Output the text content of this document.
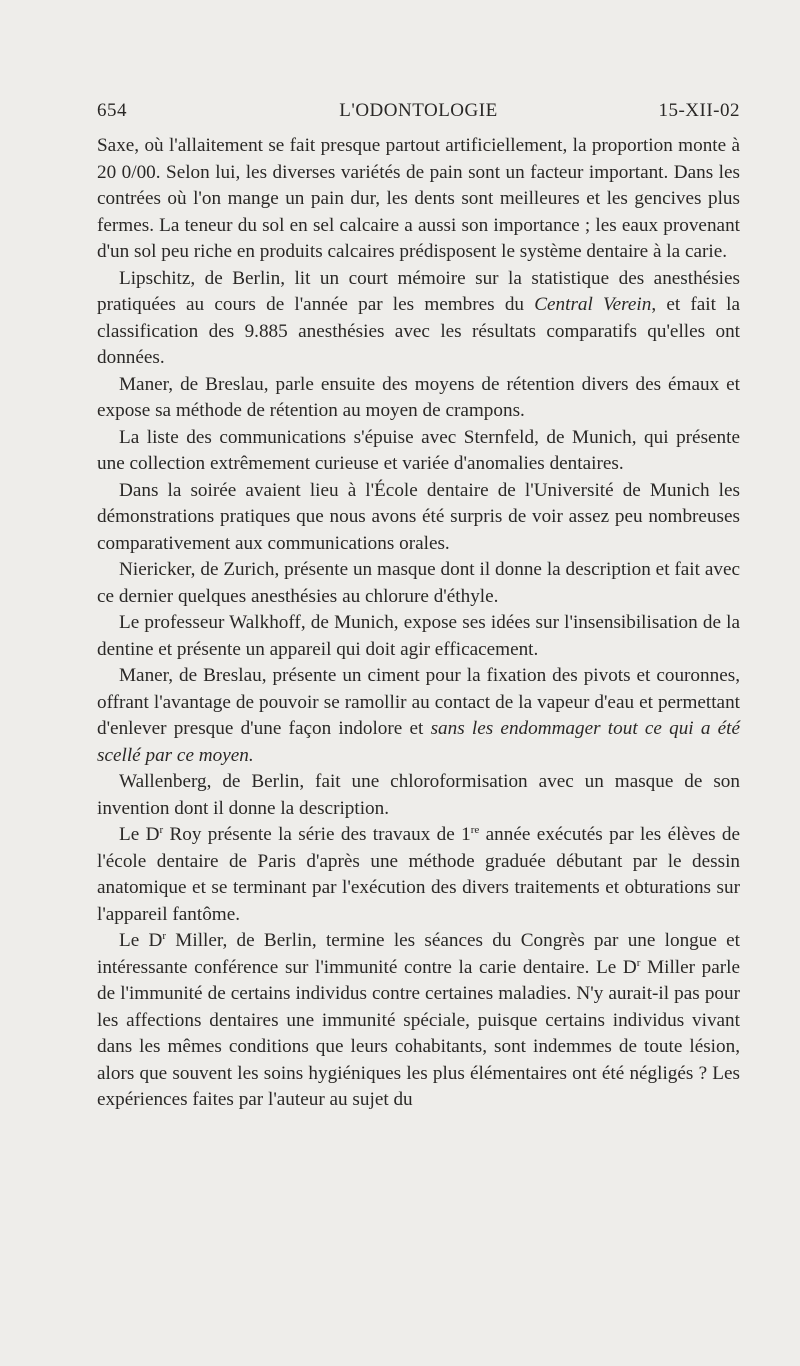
654	L'ODONTOLOGIE	15-XII-02

Saxe, où l'allaitement se fait presque partout artificiellement, la proportion monte à 20 0/00. Selon lui, les diverses variétés de pain sont un facteur important. Dans les contrées où l'on mange un pain dur, les dents sont meilleures et les gencives plus fermes. La teneur du sol en sel calcaire a aussi son importance ; les eaux provenant d'un sol peu riche en produits calcaires prédisposent le système dentaire à la carie.

Lipschitz, de Berlin, lit un court mémoire sur la statistique des anesthésies pratiquées au cours de l'année par les membres du Central Verein, et fait la classification des 9.885 anesthésies avec les résultats comparatifs qu'elles ont données.

Maner, de Breslau, parle ensuite des moyens de rétention divers des émaux et expose sa méthode de rétention au moyen de crampons.

La liste des communications s'épuise avec Sternfeld, de Munich, qui présente une collection extrêmement curieuse et variée d'anomalies dentaires.

Dans la soirée avaient lieu à l'École dentaire de l'Université de Munich les démonstrations pratiques que nous avons été surpris de voir assez peu nombreuses comparativement aux communications orales.

Niericker, de Zurich, présente un masque dont il donne la description et fait avec ce dernier quelques anesthésies au chlorure d'éthyle.

Le professeur Walkhoff, de Munich, expose ses idées sur l'insensibilisation de la dentine et présente un appareil qui doit agir efficacement.

Maner, de Breslau, présente un ciment pour la fixation des pivots et couronnes, offrant l'avantage de pouvoir se ramollir au contact de la vapeur d'eau et permettant d'enlever presque d'une façon indolore et sans les endommager tout ce qui a été scellé par ce moyen.

Wallenberg, de Berlin, fait une chloroformisation avec un masque de son invention dont il donne la description.

Le $D^r$ Roy présente la série des travaux de 1re année exécutés par les élèves de l'école dentaire de Paris d'après une méthode graduée débutant par le dessin anatomique et se terminant par l'exécution des divers traitements et obturations sur l'appareil fantôme.

Le $D^r$ Miller, de Berlin, termine les séances du Congrès par une longue et intéressante conférence sur l'immunité contre la carie dentaire. Le $D^r$ Miller parle de l'immunité de certains individus contre certaines maladies. N'y aurait-il pas pour les affections dentaires une immunité spéciale, puisque certains individus vivant dans les mêmes conditions que leurs cohabitants, sont indemmes de toute lésion, alors que souvent les soins hygiéniques les plus élémentaires ont été négligés ? Les expériences faites par l'auteur au sujet du
